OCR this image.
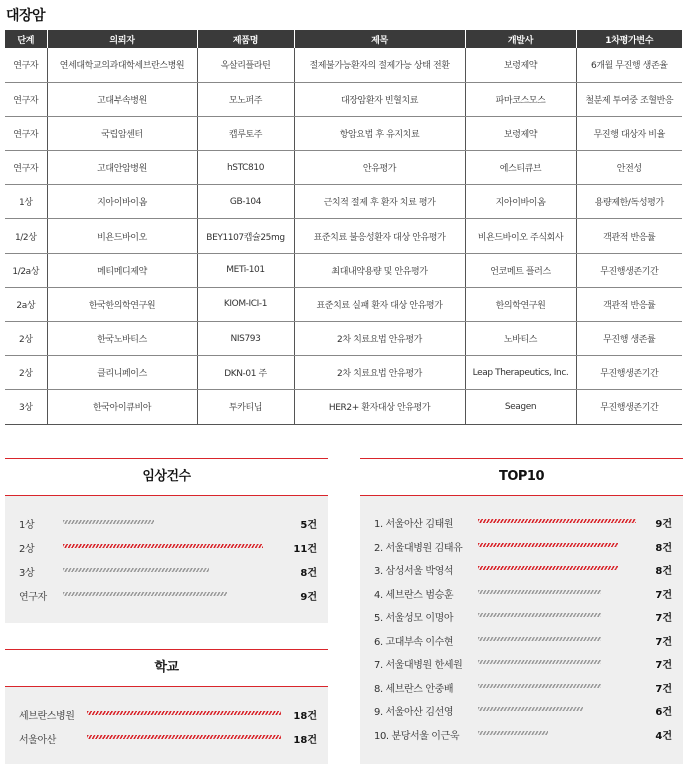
대장암
단계	의뢰자	제품명	제목	개발사	1차평가변수
연구자	연세대학교의과대학세브란스병원	옥살리플라틴	절제불가능환자의 절제가능 상태 전환	보령제약	6개월 무진행 생존율
연구자	고대부속병원	모노퍼주	대장암환자 빈혈치료	파마코스모스	철분제 투여중 조혈반응
연구자	국립암센터	캡루토주	항암요법 후 유지치료	보령제약	무진행 대상자 비율
연구자	고대안암병원	hSTC810	안유평가	에스티큐브	안전성
1상	지아이바이옴	GB-104	근치적 절제 후 환자 치료 평가	지아이바이옴	용량제한/독성평가
1/2상	비욘드바이오	BEY1107캡슐25mg	표준치료 불응성환자 대상 안유평가	비욘드바이오 주식회사	객관적 반응률
1/2a상	메티메디제약	METi-101	최대내약용량 및 안유평가	언코메트 플러스	무진행생존기간
2a상	한국한의학연구원	KIOM-ICI-1	표준치료 실패 환자 대상 안유평가	한의학연구원	객관적 반응률
2상	한국노바티스	NIS793	2차 치료요법 안유평가	노바티스	무진행 생존률
2상	클리니페이스	DKN-01 주	2차 치료요법 안유평가	Leap Therapeutics, Inc.	무진행생존기간
3상	한국아이큐비아	투카티닙	HER2+ 환자대상 안유평가	Seagen	무진행생존기간
임상건수
1상	5건
2상	11건
3상	8건
연구자	9건
학교
세브란스병원	18건
서울아산	18건
TOP10
1. 서울아산 김태원	9건
2. 서울대병원 김태유	8건
3. 삼성서울 박영석	8건
4. 세브란스 범승훈	7건
5. 서울성모 이명아	7건
6. 고대부속 이수현	7건
7. 서울대병원 한세원	7건
8. 세브란스 안중배	7건
9. 서울아산 김선영	6건
10. 분당서울 이근욱	4건
